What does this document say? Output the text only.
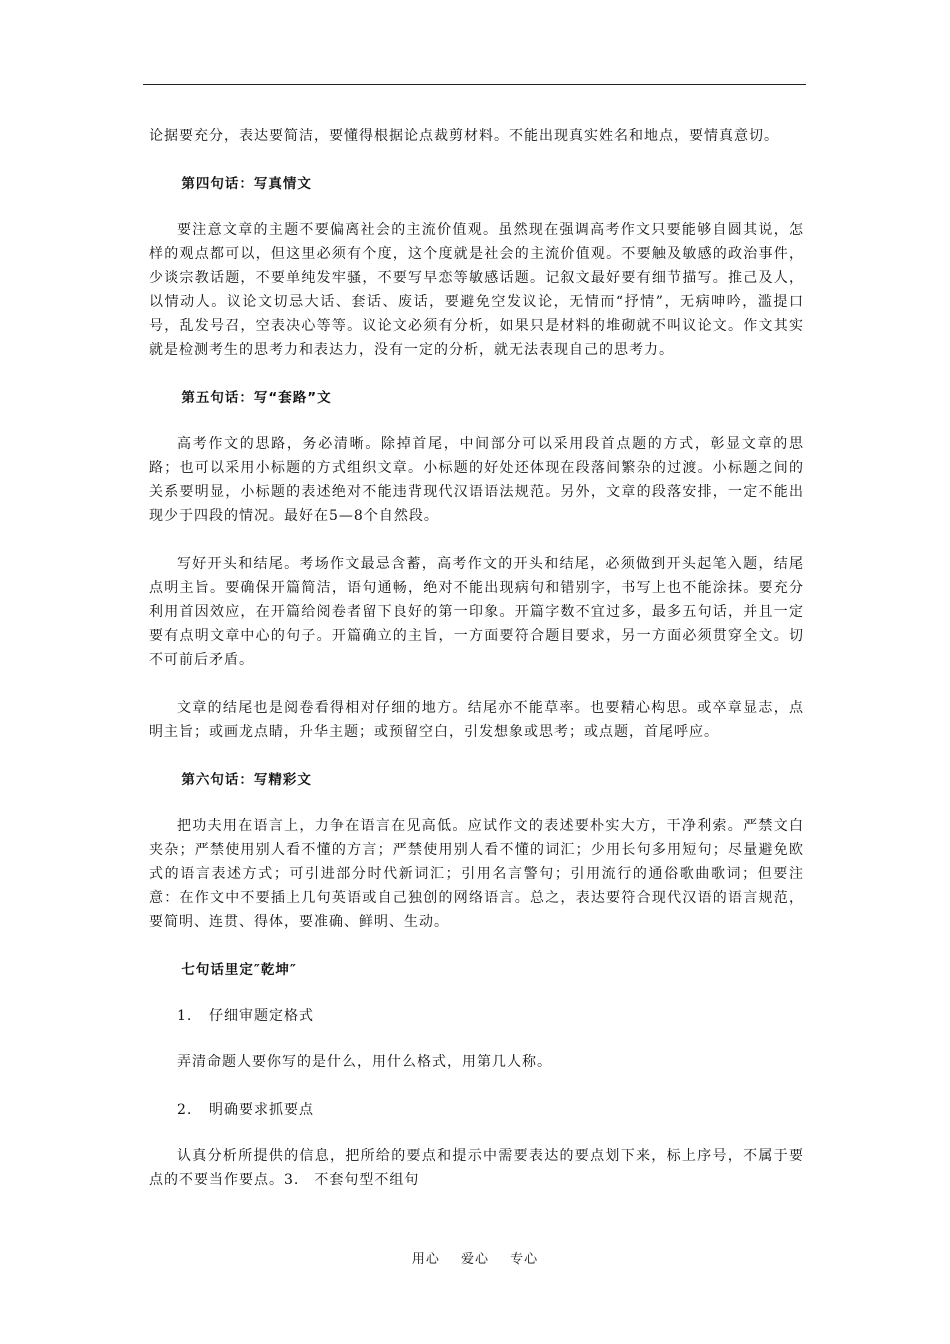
论据要充分，表达要简洁，要懂得根据论点裁剪材料。不能出现真实姓名和地点，要情真意切。

第四句话：写真情文

要注意文章的主题不要偏离社会的主流价值观。虽然现在强调高考作文只要能够自圆其说，怎样的观点都可以，但这里必须有个度，这个度就是社会的主流价值观。不要触及敏感的政治事件，少谈宗教话题，不要单纯发牢骚，不要写早恋等敏感话题。记叙文最好要有细节描写。推己及人，以情动人。议论文切忌大话、套话、废话，要避免空发议论，无情而“抒情”，无病呻吟，滥提口号，乱发号召，空表决心等等。议论文必须有分析，如果只是材料的堆砌就不叫议论文。作文其实就是检测考生的思考力和表达力，没有一定的分析，就无法表现自己的思考力。

第五句话：写“套路”文

高考作文的思路，务必清晰。除掉首尾，中间部分可以采用段首点题的方式，彰显文章的思路；也可以采用小标题的方式组织文章。小标题的好处还体现在段落间繁杂的过渡。小标题之间的关系要明显，小标题的表述绝对不能违背现代汉语语法规范。另外，文章的段落安排，一定不能出现少于四段的情况。最好在5—8个自然段。

写好开头和结尾。考场作文最忌含蓄，高考作文的开头和结尾，必须做到开头起笔入题，结尾点明主旨。要确保开篇简洁，语句通畅，绝对不能出现病句和错别字，书写上也不能涂抹。要充分利用首因效应，在开篇给阅卷者留下良好的第一印象。开篇字数不宜过多，最多五句话，并且一定要有点明文章中心的句子。开篇确立的主旨，一方面要符合题目要求，另一方面必须贯穿全文。切不可前后矛盾。

文章的结尾也是阅卷看得相对仔细的地方。结尾亦不能草率。也要精心构思。或卒章显志，点明主旨；或画龙点睛，升华主题；或预留空白，引发想象或思考；或点题，首尾呼应。

第六句话：写精彩文

把功夫用在语言上，力争在语言在见高低。应试作文的表述要朴实大方，干净利索。严禁文白夹杂；严禁使用别人看不懂的方言；严禁使用别人看不懂的词汇；少用长句多用短句；尽量避免欧式的语言表述方式；可引进部分时代新词汇；引用名言警句；引用流行的通俗歌曲歌词；但要注意：在作文中不要插上几句英语或自己独创的网络语言。总之，表达要符合现代汉语的语言规范，要简明、连贯、得体，要准确、鲜明、生动。

七句话里定″乾坤″

1. 仔细审题定格式

弄清命题人要你写的是什么，用什么格式，用第几人称。

2. 明确要求抓要点

认真分析所提供的信息，把所给的要点和提示中需要表达的要点划下来，标上序号，不属于要点的不要当作要点。3.　不套句型不组句

用心 爱心 专心
